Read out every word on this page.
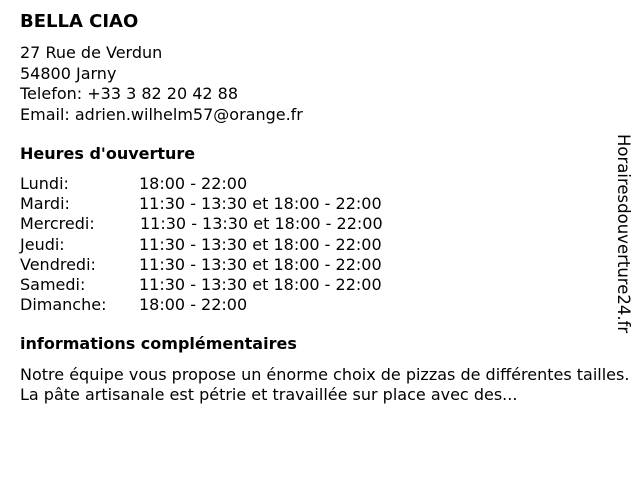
BELLA CIAO
27 Rue de Verdun
54800 Jarny
Telefon: +33 3 82 20 42 88
Email: adrien.wilhelm57@orange.fr
Heures d'ouverture
Lundi:	18:00 - 22:00
Mardi:	11:30 - 13:30 et 18:00 - 22:00
Mercredi:	11:30 - 13:30 et 18:00 - 22:00
Jeudi:	11:30 - 13:30 et 18:00 - 22:00
Vendredi:	11:30 - 13:30 et 18:00 - 22:00
Samedi:	11:30 - 13:30 et 18:00 - 22:00
Dimanche: 18:00 - 22:00
informations complémentaires
Notre équipe vous propose un énorme choix de pizzas de différentes tailles. La pâte artisanale est pétrie et travaillée sur place avec des...
Horairesdouverture24.fr
